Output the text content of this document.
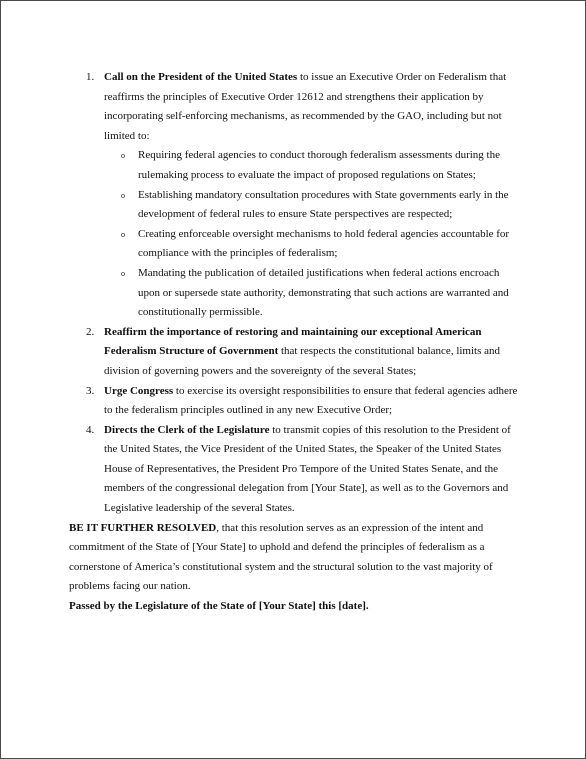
1. Call on the President of the United States to issue an Executive Order on Federalism that reaffirms the principles of Executive Order 12612 and strengthens their application by incorporating self-enforcing mechanisms, as recommended by the GAO, including but not limited to:
o Requiring federal agencies to conduct thorough federalism assessments during the rulemaking process to evaluate the impact of proposed regulations on States;
o Establishing mandatory consultation procedures with State governments early in the development of federal rules to ensure State perspectives are respected;
o Creating enforceable oversight mechanisms to hold federal agencies accountable for compliance with the principles of federalism;
o Mandating the publication of detailed justifications when federal actions encroach upon or supersede state authority, demonstrating that such actions are warranted and constitutionally permissible.
2. Reaffirm the importance of restoring and maintaining our exceptional American Federalism Structure of Government that respects the constitutional balance, limits and division of governing powers and the sovereignty of the several States;
3. Urge Congress to exercise its oversight responsibilities to ensure that federal agencies adhere to the federalism principles outlined in any new Executive Order;
4. Directs the Clerk of the Legislature to transmit copies of this resolution to the President of the United States, the Vice President of the United States, the Speaker of the United States House of Representatives, the President Pro Tempore of the United States Senate, and the members of the congressional delegation from [Your State], as well as to the Governors and Legislative leadership of the several States.

BE IT FURTHER RESOLVED, that this resolution serves as an expression of the intent and commitment of the State of [Your State] to uphold and defend the principles of federalism as a cornerstone of America’s constitutional system and the structural solution to the vast majority of problems facing our nation.

Passed by the Legislature of the State of [Your State] this [date].
